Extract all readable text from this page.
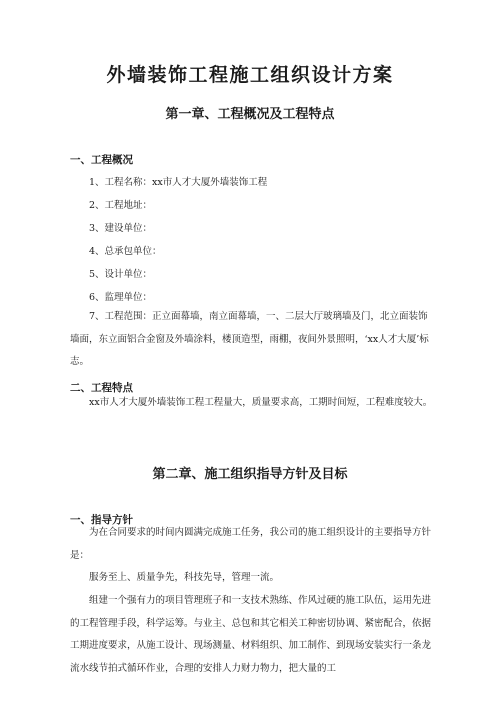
外墙装饰工程施工组织设计方案
第一章、工程概况及工程特点
一、工程概况
1、工程名称：xx市人才大厦外墙装饰工程
2、工程地址：
3、建设单位：
4、总承包单位：
5、设计单位：
6、监理单位：
7、工程范围：正立面幕墙，南立面幕墙，一、二层大厅玻璃墙及门，北立面装饰墙面，东立面铝合金窗及外墙涂料，楼顶造型，雨棚，夜间外景照明，‘xx人才大厦’标志。
二、工程特点
xx市人才大厦外墙装饰工程工程量大，质量要求高，工期时间短，工程难度较大。
第二章、施工组织指导方针及目标
一、指导方针
为在合同要求的时间内圆满完成施工任务，我公司的施工组织设计的主要指导方针是：
服务至上、质量争先，科技先导，管理一流。
组建一个强有力的项目管理班子和一支技术熟练、作风过硬的施工队伍，运用先进的工程管理手段，科学运筹。与业主、总包和其它相关工种密切协调、紧密配合，依据工期进度要求，从施工设计、现场测量、材料组织、加工制作、到现场安装实行一条龙流水线节拍式循环作业，合理的安排人力财力物力，把大量的工
